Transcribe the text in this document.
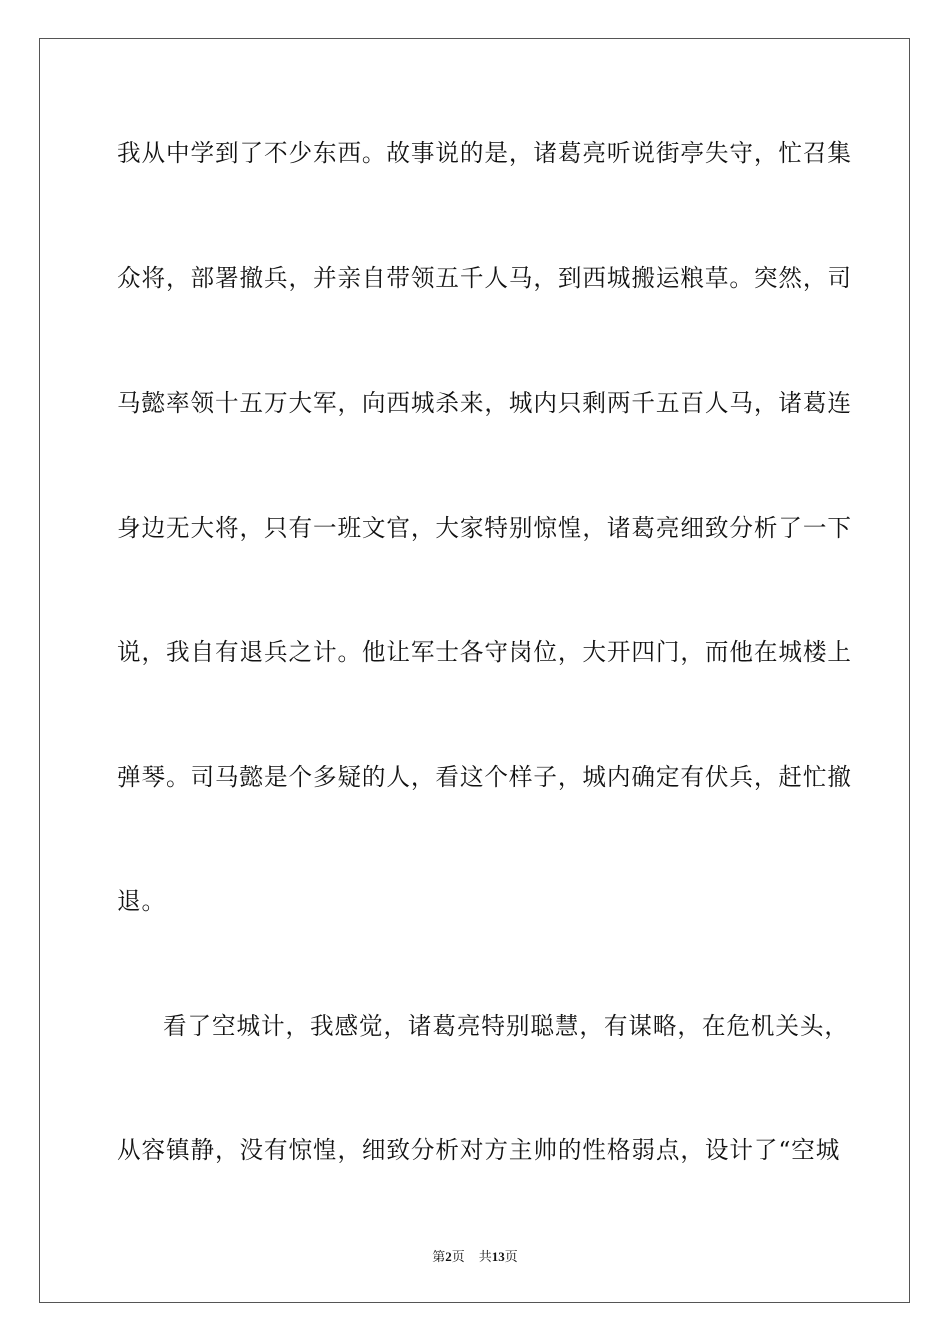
我从中学到了不少东西。故事说的是，诸葛亮听说街亭失守，忙召集
众将，部署撤兵，并亲自带领五千人马，到西城搬运粮草。突然，司
马懿率领十五万大军，向西城杀来，城内只剩两千五百人马，诸葛连
身边无大将，只有一班文官，大家特别惊惶，诸葛亮细致分析了一下
说，我自有退兵之计。他让军士各守岗位，大开四门，而他在城楼上
弹琴。司马懿是个多疑的人，看这个样子，城内确定有伏兵，赶忙撤
退。
看了空城计，我感觉，诸葛亮特别聪慧，有谋略，在危机关头，
从容镇静，没有惊惶，细致分析对方主帅的性格弱点，设计了“空城
第2页 共13页
